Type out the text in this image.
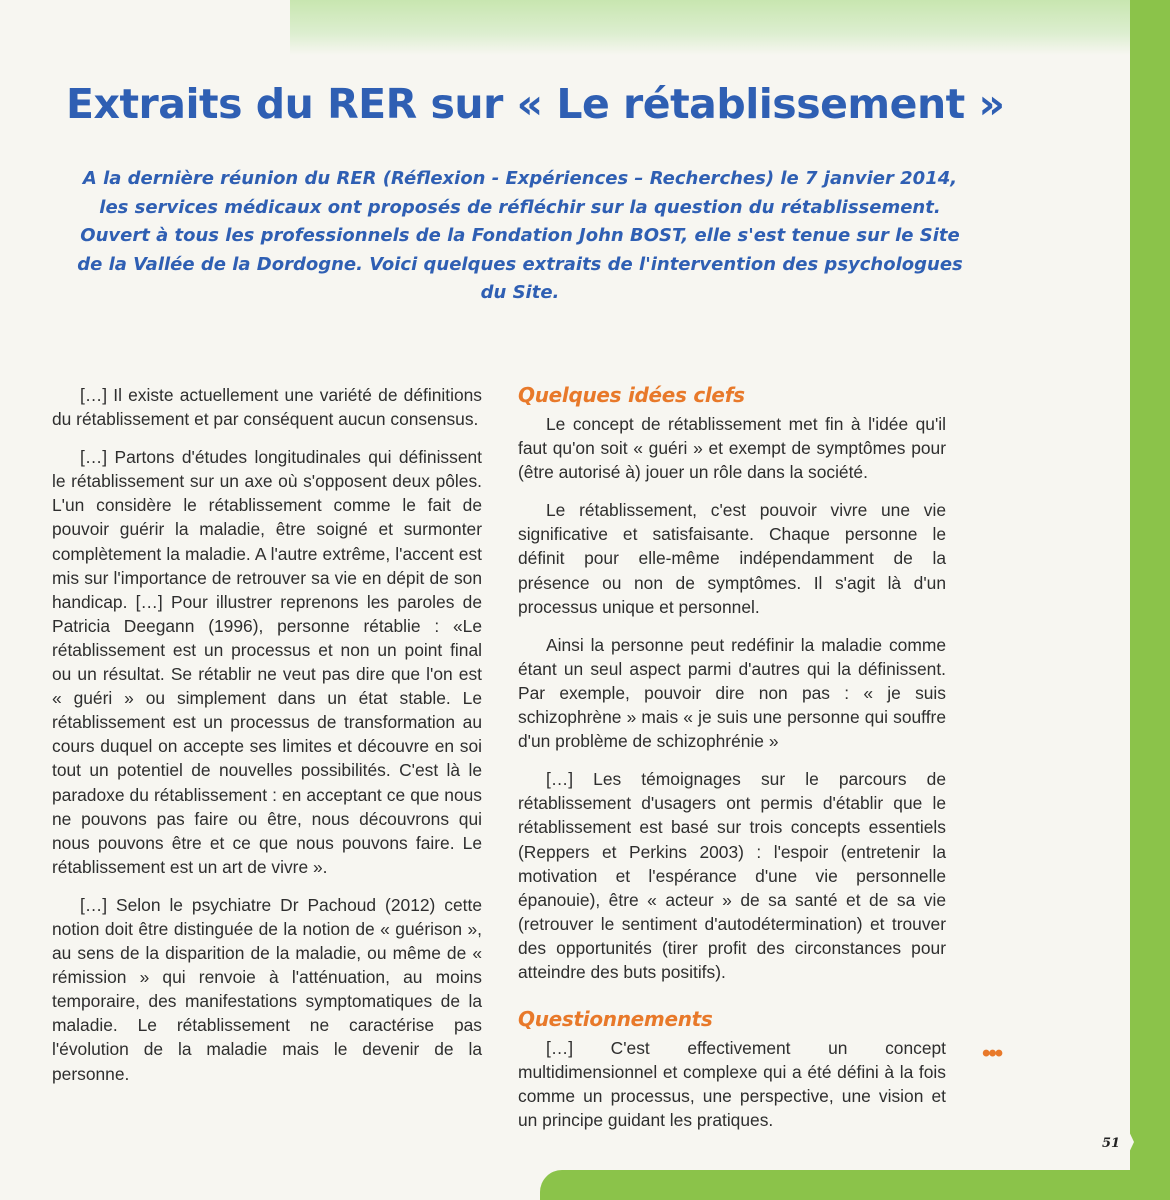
Extraits du RER sur « Le rétablissement »

A la dernière réunion du RER (Réflexion - Expériences – Recherches) le 7 janvier 2014, les services médicaux ont proposés de réfléchir sur la question du rétablissement. Ouvert à tous les professionnels de la Fondation John BOST, elle s'est tenue sur le Site de la Vallée de la Dordogne. Voici quelques extraits de l'intervention des psychologues du Site.

[…] Il existe actuellement une variété de définitions du rétablissement et par conséquent aucun consensus.

[…] Partons d'études longitudinales qui définissent le rétablissement sur un axe où s'opposent deux pôles. L'un considère le rétablissement comme le fait de pouvoir guérir la maladie, être soigné et surmonter complètement la maladie. A l'autre extrême, l'accent est mis sur l'importance de retrouver sa vie en dépit de son handicap. […] Pour illustrer reprenons les paroles de Patricia Deegann (1996), personne rétablie : «Le rétablissement est un processus et non un point final ou un résultat. Se rétablir ne veut pas dire que l'on est « guéri » ou simplement dans un état stable. Le rétablissement est un processus de transformation au cours duquel on accepte ses limites et découvre en soi tout un potentiel de nouvelles possibilités. C'est là le paradoxe du rétablissement : en acceptant ce que nous ne pouvons pas faire ou être, nous découvrons qui nous pouvons être et ce que nous pouvons faire. Le rétablissement est un art de vivre ».

[…] Selon le psychiatre Dr Pachoud (2012) cette notion doit être distinguée de la notion de « guérison », au sens de la disparition de la maladie, ou même de « rémission » qui renvoie à l'atténuation, au moins temporaire, des manifestations symptomatiques de la maladie. Le rétablissement ne caractérise pas l'évolution de la maladie mais le devenir de la personne.

Quelques idées clefs

Le concept de rétablissement met fin à l'idée qu'il faut qu'on soit « guéri » et exempt de symptômes pour (être autorisé à) jouer un rôle dans la société.

Le rétablissement, c'est pouvoir vivre une vie significative et satisfaisante. Chaque personne le définit pour elle-même indépendamment de la présence ou non de symptômes. Il s'agit là d'un processus unique et personnel.

Ainsi la personne peut redéfinir la maladie comme étant un seul aspect parmi d'autres qui la définissent. Par exemple, pouvoir dire non pas : « je suis schizophrène » mais « je suis une personne qui souffre d'un problème de schizophrénie »

[…] Les témoignages sur le parcours de rétablissement d'usagers ont permis d'établir que le rétablissement est basé sur trois concepts essentiels (Reppers et Perkins 2003) : l'espoir (entretenir la motivation et l'espérance d'une vie personnelle épanouie), être « acteur » de sa santé et de sa vie (retrouver le sentiment d'autodétermination) et trouver des opportunités (tirer profit des circonstances pour atteindre des buts positifs).

Questionnements

[…] C'est effectivement un concept multidimensionnel et complexe qui a été défini à la fois comme un processus, une perspective, une vision et un principe guidant les pratiques.

•••
51
